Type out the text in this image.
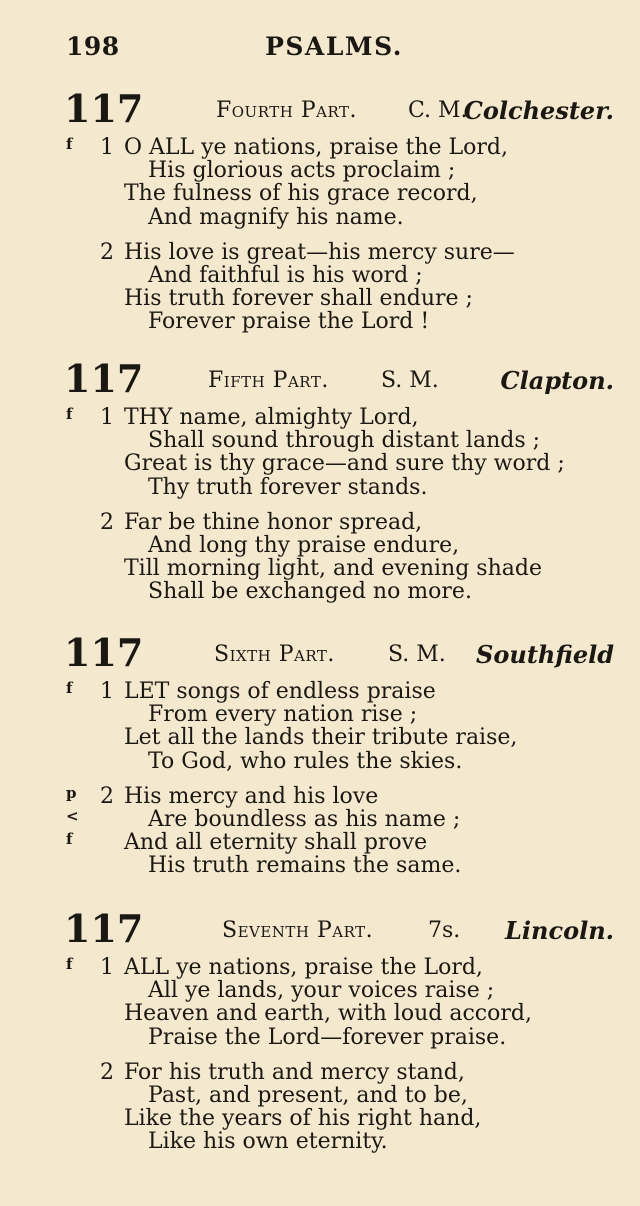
198	PSALMS.
117	Fourth Part. C. M.
Colchester.
f 1 O ALL ye nations, praise the Lord,
His glorious acts proclaim ;
The fulness of his grace record,
And magnify his name.
2 His love is great—his mercy sure—
And faithful is his word ;
His truth forever shall endure ;
Forever praise the Lord !
117	Fifth Part. S. M.	Clapton.
f 1 THY name, almighty Lord,
Shall sound through distant lands ;
Great is thy grace—and sure thy word ;
Thy truth forever stands.
2 Far be thine honor spread,
And long thy praise endure,
Till morning light, and evening shade
Shall be exchanged no more.
117	Sixth Part. S. M. Southfield
f 1 LET songs of endless praise
From every nation rise ;
Let all the lands their tribute raise,
To God, who rules the skies.
p 2 His mercy and his love
<	Are boundless as his name ;
f And all eternity shall prove
His truth remains the same.
117	Seventh Part. 7s. Lincoln.
f 1 ALL ye nations, praise the Lord,
All ye lands, your voices raise ;
Heaven and earth, with loud accord,
Praise the Lord—forever praise.
2 For his truth and mercy stand,
Past, and present, and to be,
Like the years of his right hand,
Like his own eternity.
